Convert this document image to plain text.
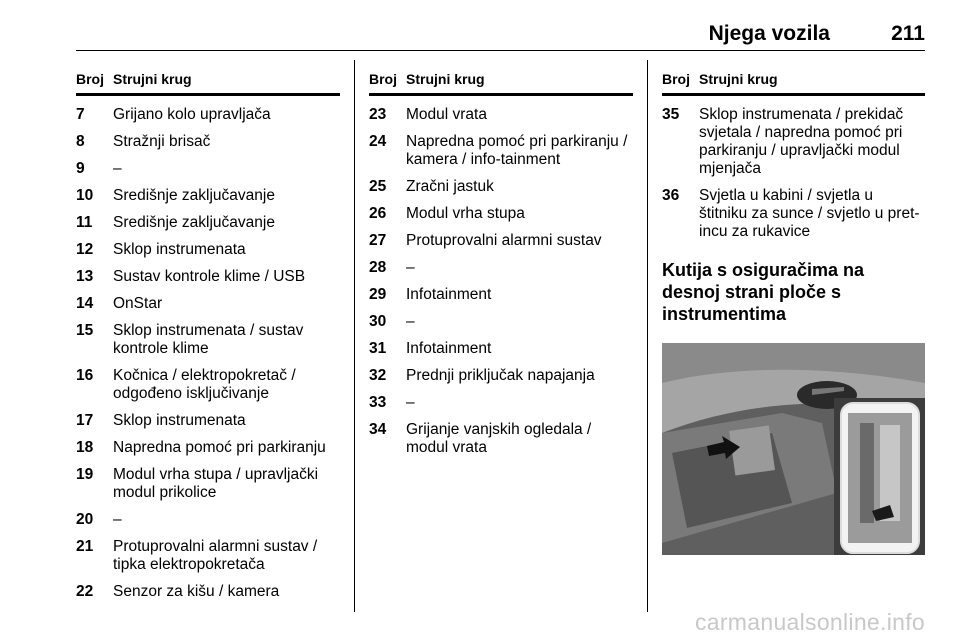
Njega vozila	211
Broj Strujni krug
7	Grijano kolo upravljača
8	Stražnji brisač
9	–
10	Središnje zaključavanje
11	Središnje zaključavanje
12	Sklop instrumenata
13	Sustav kontrole klime / USB
14	OnStar
15	Sklop instrumenata / sustav kontrole klime
16	Kočnica / elektropokretač / odgođeno isključivanje
17	Sklop instrumenata
18	Napredna pomoć pri parkiranju
19	Modul vrha stupa / upravljački modul prikolice
20	–
21	Protuprovalni alarmni sustav / tipka elektropokretača
22	Senzor za kišu / kamera
Broj Strujni krug
23	Modul vrata
24	Napredna pomoć pri parkiranju / kamera / info-tainment
25	Zračni jastuk
26	Modul vrha stupa
27	Protuprovalni alarmni sustav
28	–
29	Infotainment
30	–
31	Infotainment
32	Prednji priključak napajanja
33	–
34	Grijanje vanjskih ogledala / modul vrata
Broj Strujni krug
35	Sklop instrumenata / prekidač svjetala / napredna pomoć pri parkiranju / upravljački modul mjenjača
36	Svjetla u kabini / svjetla u štitniku za sunce / svjetlo u pret-incu za rukavice
Kutija s osiguračima na desnoj strani ploče s instrumentima
carmanualsonline.info
